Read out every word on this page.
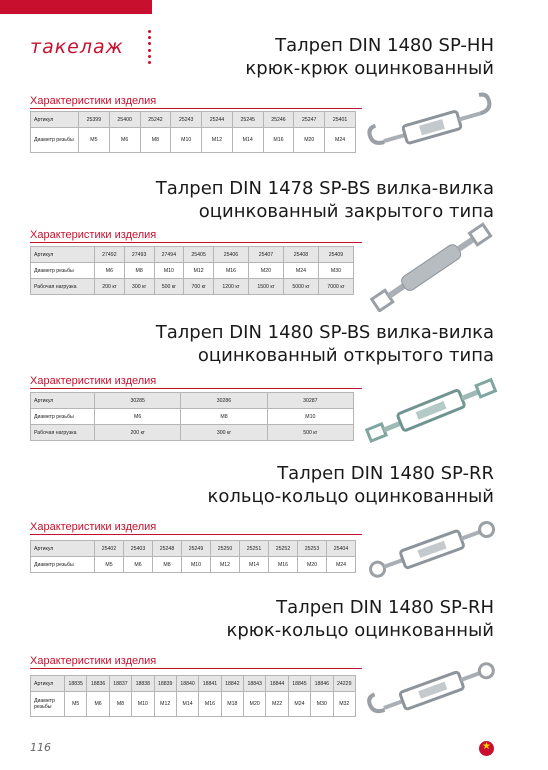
такелаж	Талреп DIN 1480 SP-HH
крюк-крюк оцинкованный
Характеристики изделия
Артикул	25399	25400	25242	25243	25244	25245	25246	25247	25401
Диаметр резьбы	M5	M6	M8	M10	M12	M14	M16	M20	M24
Талреп DIN 1478 SP-BS вилка-вилка
оцинкованный закрытого типа
Характеристики изделия
Артикул	27492	27493	27494	25405	25406	25407	25408	25409
Диаметр резьбы	M6	M8	M10	M12	M16	M20	M24	M30
Рабочая нагрузка	200 кг	300 кг	500 кг	700 кг	1200 кг	1500 кг	5000 кг	7000 кг
Талреп DIN 1480 SP-BS вилка-вилка
оцинкованный открытого типа
Характеристики изделия
Артикул	30285	30286	30287
Диаметр резьбы	M6	M8	M10
Рабочая нагрузка	200 кг	300 кг	500 кг
Талреп DIN 1480 SP-RR
кольцо-кольцо оцинкованный
Характеристики изделия
Артикул	25402	25403	25248	25249	25250	25251	25252	25253	25404
Диаметр резьбы	M5	M6	M8	M10	M12	M14	M16	M20	M24
Талреп DIN 1480 SP-RH
крюк-кольцо оцинкованный
Характеристики изделия
Артикул	18835	18836	18837	18838	18839	18840	18841	18842	18843	18844	18845	18846	24229
Диаметр резьбы	M5	M6	M8	M10	M12	M14	M16	M18	M20	M22	M24	M30	M32
116
★
